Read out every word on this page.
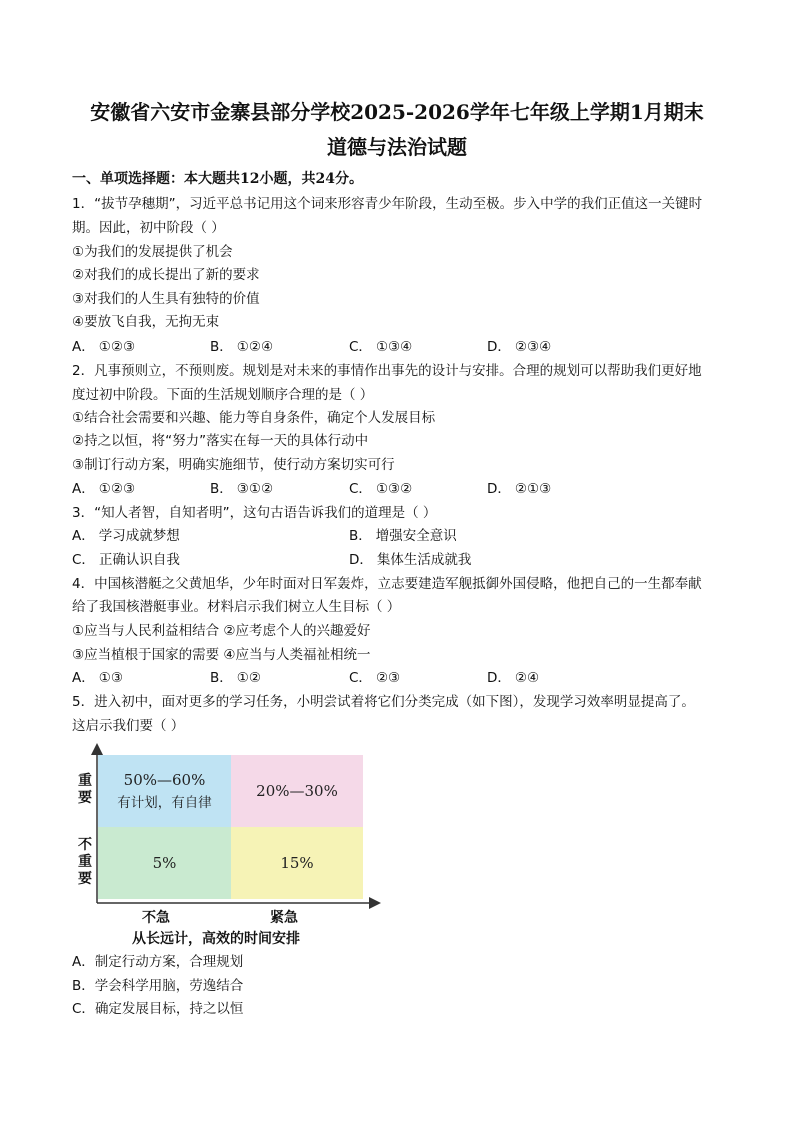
安徽省六安市金寨县部分学校2025-2026学年七年级上学期1月期末
道德与法治试题
一、单项选择题：本大题共12小题，共24分。
1．“拔节孕穗期”，习近平总书记用这个词来形容青少年阶段，生动至极。步入中学的我们正值这一关键时
期。因此，初中阶段（ ）
①为我们的发展提供了机会
②对我们的成长提出了新的要求
③对我们的人生具有独特的价值
④要放飞自我，无拘无束
A． ①②③	B． ①②④	C． ①③④	D． ②③④
2．凡事预则立，不预则废。规划是对未来的事情作出事先的设计与安排。合理的规划可以帮助我们更好地
度过初中阶段。下面的生活规划顺序合理的是（ ）
①结合社会需要和兴趣、能力等自身条件，确定个人发展目标
②持之以恒，将“努力”落实在每一天的具体行动中
③制订行动方案，明确实施细节，使行动方案切实可行
A． ①②③	B． ③①②	C． ①③②	D． ②①③
3．“知人者智，自知者明”，这句古语告诉我们的道理是（ ）
A． 学习成就梦想	B． 增强安全意识
C． 正确认识自我	D． 集体生活成就我
4．中国核潜艇之父黄旭华，少年时面对日军轰炸，立志要建造军舰抵御外国侵略，他把自己的一生都奉献
给了我国核潜艇事业。材料启示我们树立人生目标（ ）
①应当与人民利益相结合 ②应考虑个人的兴趣爱好
③应当植根于国家的需要 ④应当与人类福祉相统一
A． ①③	B． ①②	C． ②③	D． ②④
5．进入初中，面对更多的学习任务，小明尝试着将它们分类完成（如下图），发现学习效率明显提高了。
这启示我们要（ ）
50%—60%
有计划，有自律
20%—30%
5%	15%
重要
不重要
不急	紧急
从长远计，高效的时间安排
A．制定行动方案，合理规划
B．学会科学用脑，劳逸结合
C．确定发展目标，持之以恒
